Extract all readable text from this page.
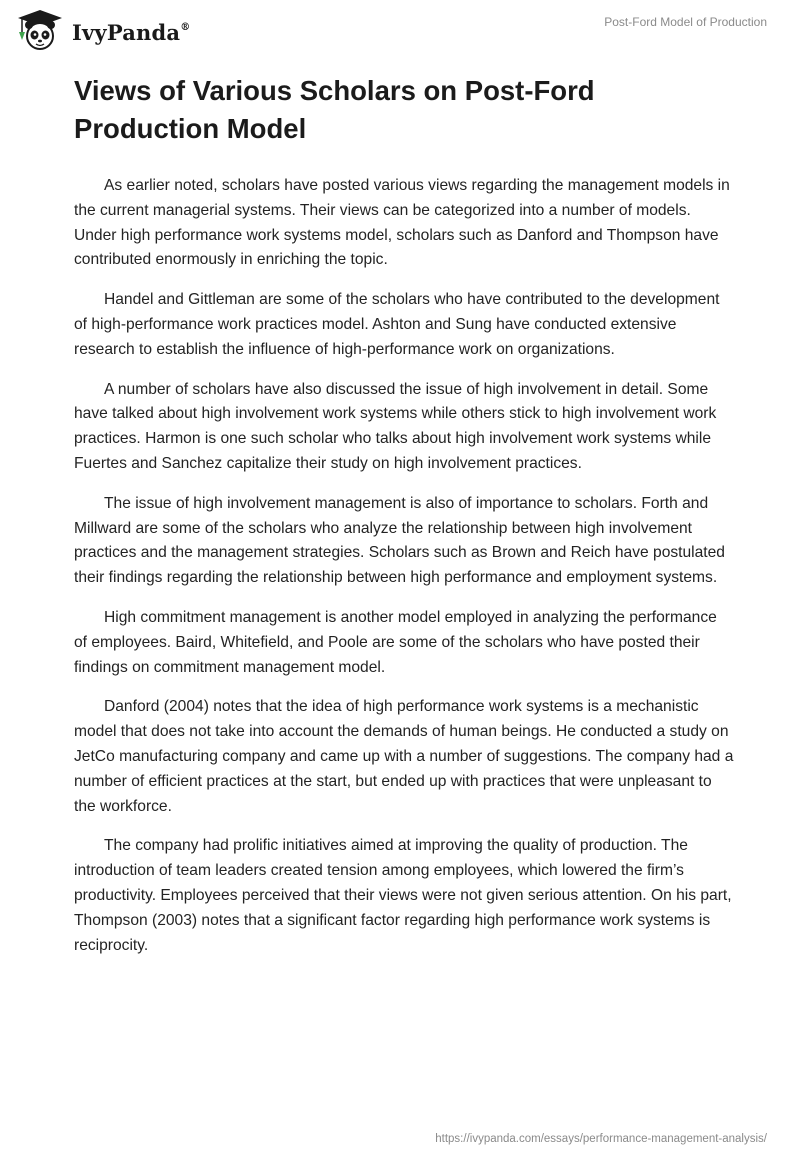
IvyPanda®	Post-Ford Model of Production
Views of Various Scholars on Post-Ford Production Model

As earlier noted, scholars have posted various views regarding the management models in the current managerial systems. Their views can be categorized into a number of models. Under high performance work systems model, scholars such as Danford and Thompson have contributed enormously in enriching the topic.

Handel and Gittleman are some of the scholars who have contributed to the development of high-performance work practices model. Ashton and Sung have conducted extensive research to establish the influence of high-performance work on organizations.

A number of scholars have also discussed the issue of high involvement in detail. Some have talked about high involvement work systems while others stick to high involvement work practices. Harmon is one such scholar who talks about high involvement work systems while Fuertes and Sanchez capitalize their study on high involvement practices.

The issue of high involvement management is also of importance to scholars. Forth and Millward are some of the scholars who analyze the relationship between high involvement practices and the management strategies. Scholars such as Brown and Reich have postulated their findings regarding the relationship between high performance and employment systems.

High commitment management is another model employed in analyzing the performance of employees. Baird, Whitefield, and Poole are some of the scholars who have posted their findings on commitment management model.

Danford (2004) notes that the idea of high performance work systems is a mechanistic model that does not take into account the demands of human beings. He conducted a study on JetCo manufacturing company and came up with a number of suggestions. The company had a number of efficient practices at the start, but ended up with practices that were unpleasant to the workforce.

The company had prolific initiatives aimed at improving the quality of production. The introduction of team leaders created tension among employees, which lowered the firm’s productivity. Employees perceived that their views were not given serious attention. On his part, Thompson (2003) notes that a significant factor regarding high performance work systems is reciprocity.

https://ivypanda.com/essays/performance-management-analysis/
